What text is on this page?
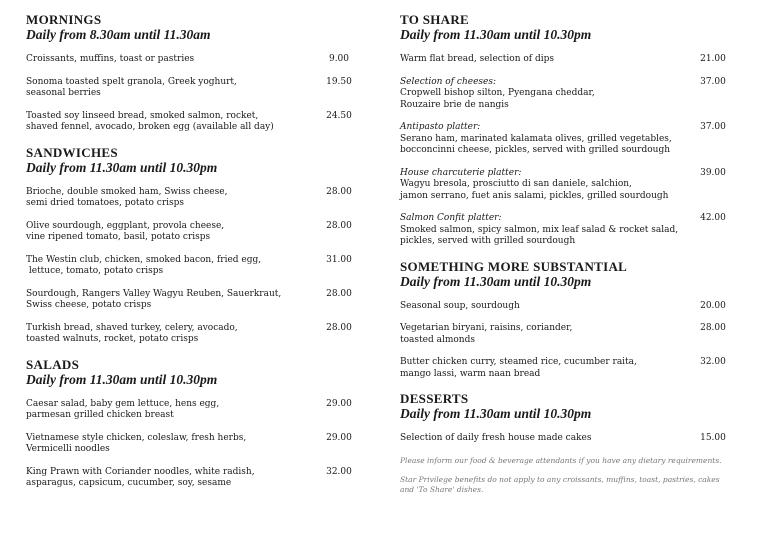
MORNINGS
Daily from 8.30am until 11.30am
Croissants, muffins, toast or pastries	9.00
Sonoma toasted spelt granola, Greek yoghurt,
seasonal berries
19.50
Toasted soy linseed bread, smoked salmon, rocket,
shaved fennel, avocado, broken egg (available all day)
24.50
SANDWICHES
Daily from 11.30am until 10.30pm
Brioche, double smoked ham, Swiss cheese,
semi dried tomatoes, potato crisps
28.00
Olive sourdough, eggplant, provola cheese,
vine ripened tomato, basil, potato crisps
28.00
The Westin club, chicken, smoked bacon, fried egg,
lettuce, tomato, potato crisps
31.00
Sourdough, Rangers Valley Wagyu Reuben, Sauerkraut,
Swiss cheese, potato crisps
28.00
Turkish bread, shaved turkey, celery, avocado,
toasted walnuts, rocket, potato crisps
28.00
SALADS
Daily from 11.30am until 10.30pm
Caesar salad, baby gem lettuce, hens egg,
parmesan grilled chicken breast
29.00
Vietnamese style chicken, coleslaw, fresh herbs,
Vermicelli noodles
29.00
King Prawn with Coriander noodles, white radish,
asparagus, capsicum, cucumber, soy, sesame
32.00
TO SHARE
Daily from 11.30am until 10.30pm
Warm flat bread, selection of dips	21.00
Selection of cheeses:
Cropwell bishop silton, Pyengana cheddar,
Rouzaire brie de nangis
37.00
Antipasto platter:
Serano ham, marinated kalamata olives, grilled vegetables,
bocconcinni cheese, pickles, served with grilled sourdough
37.00
House charcuterie platter:
Wagyu bresola, prosciutto di san daniele, salchion,
jamon serrano, fuet anis salami, pickles, grilled sourdough
39.00
Salmon Confit platter:
Smoked salmon, spicy salmon, mix leaf salad & rocket salad,
pickles, served with grilled sourdough
42.00
SOMETHING MORE SUBSTANTIAL
Daily from 11.30am until 10.30pm
Seasonal soup, sourdough	20.00
Vegetarian biryani, raisins, coriander,
toasted almonds
28.00
Butter chicken curry, steamed rice, cucumber raita,
mango lassi, warm naan bread
32.00
DESSERTS
Daily from 11.30am until 10.30pm
Selection of daily fresh house made cakes	15.00
Please inform our food & beverage attendants if you have any dietary requirements.
Star Privilege benefits do not apply to any croissants, muffins, toast, pastries, cakes and 'To Share' dishes.
